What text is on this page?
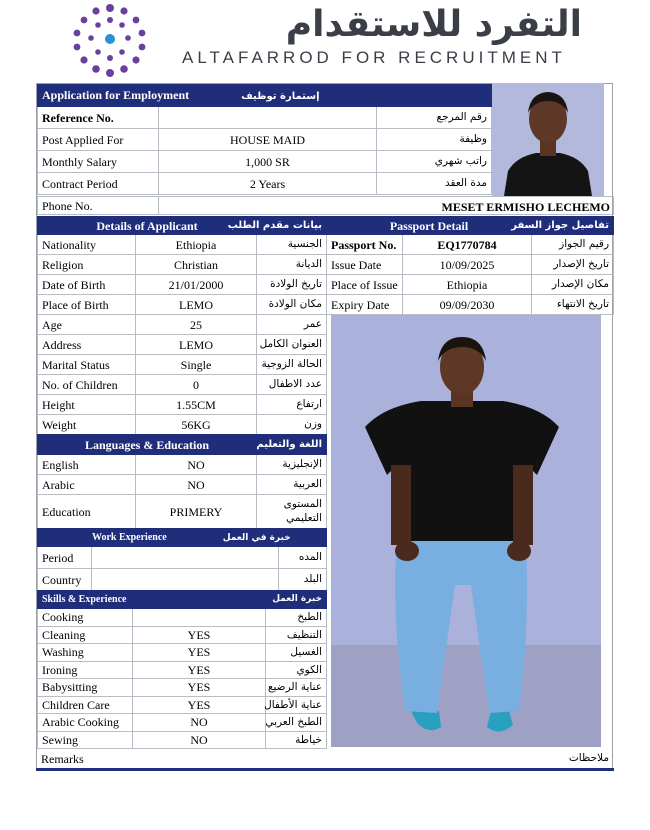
التفرد للاستقدام
ALTAFARROD FOR RECRUITMENT
Application for Employment إستمارة توظيف		
Reference No.		رقم المرجع
Post Applied For	HOUSE MAID	وظيفة
Monthly Salary	1,000 SR	راتب شهري
Contract Period	2 Years	مدة العقد
Phone No.		MESET ERMISHO LECHEMO
Details of Applicant		بيانات مقدم الطلب
Nationality	Ethiopia	الجنسية
Religion	Christian	الديانة
Date of Birth	21/01/2000	تاريخ الولادة
Place of Birth	LEMO	مكان الولادة
Age	25	عمر
Address	LEMO	العنوان الكامل
Marital Status	Single	الحالة الزوجية
No. of Children	0	عدد الاطفال
Height	1.55CM	ارتفاع
Weight	56KG	وزن
Passport Detail		تفاصيل جواز السفر
Passport No.	EQ1770784	رقيم الجواز
Issue Date	10/09/2025	تاريخ الإصدار
Place of Issue	Ethiopia	مكان الإصدار
Expiry Date	09/09/2030	تاريخ الانتهاء
Languages & Education		اللغة والتعليم
English	NO	الإنجليزية
Arabic	NO	العربية
Education	PRIMERY	المستوى
التعليمي
Work Experience خبرة في العمل		
Period		المده
Country		البلد
Skills & Experience		خبرة العمل
Cooking		الطبخ
Cleaning	YES	التنظيف
Washing	YES	الغسيل
Ironing	YES	الكوي
Babysitting	YES	عناية الرضيع
Children Care	YES	عناية الأطفال
Arabic Cooking	NO	الطبخ العربي
Sewing	NO	خياطة
Remarks	ملاحظات
